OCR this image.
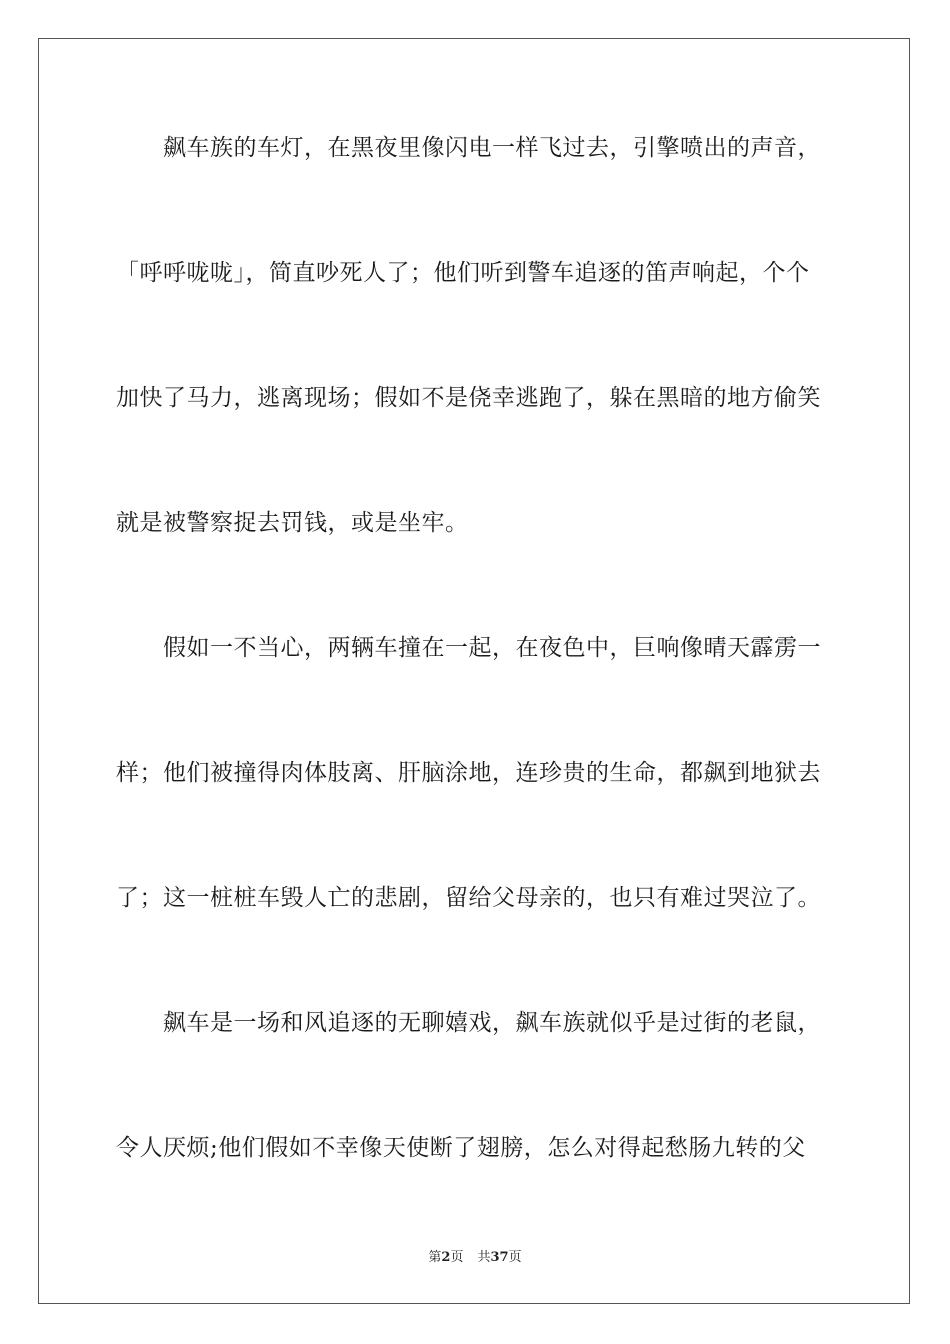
　　飙车族的车灯，在黑夜里像闪电一样飞过去，引擎喷出的声音，
「呼呼咙咙」，简直吵死人了；他们听到警车追逐的笛声响起，个个
加快了马力，逃离现场；假如不是侥幸逃跑了，躲在黑暗的地方偷笑
就是被警察捉去罚钱，或是坐牢。
　　假如一不当心，两辆车撞在一起，在夜色中，巨响像晴天霹雳一
样；他们被撞得肉体肢离、肝脑涂地，连珍贵的生命，都飙到地狱去
了；这一桩桩车毁人亡的悲剧，留给父母亲的，也只有难过哭泣了。
　　飙车是一场和风追逐的无聊嬉戏，飙车族就似乎是过街的老鼠，
令人厌烦;他们假如不幸像天使断了翅膀，怎么对得起愁肠九转的父
第2页 共37页
